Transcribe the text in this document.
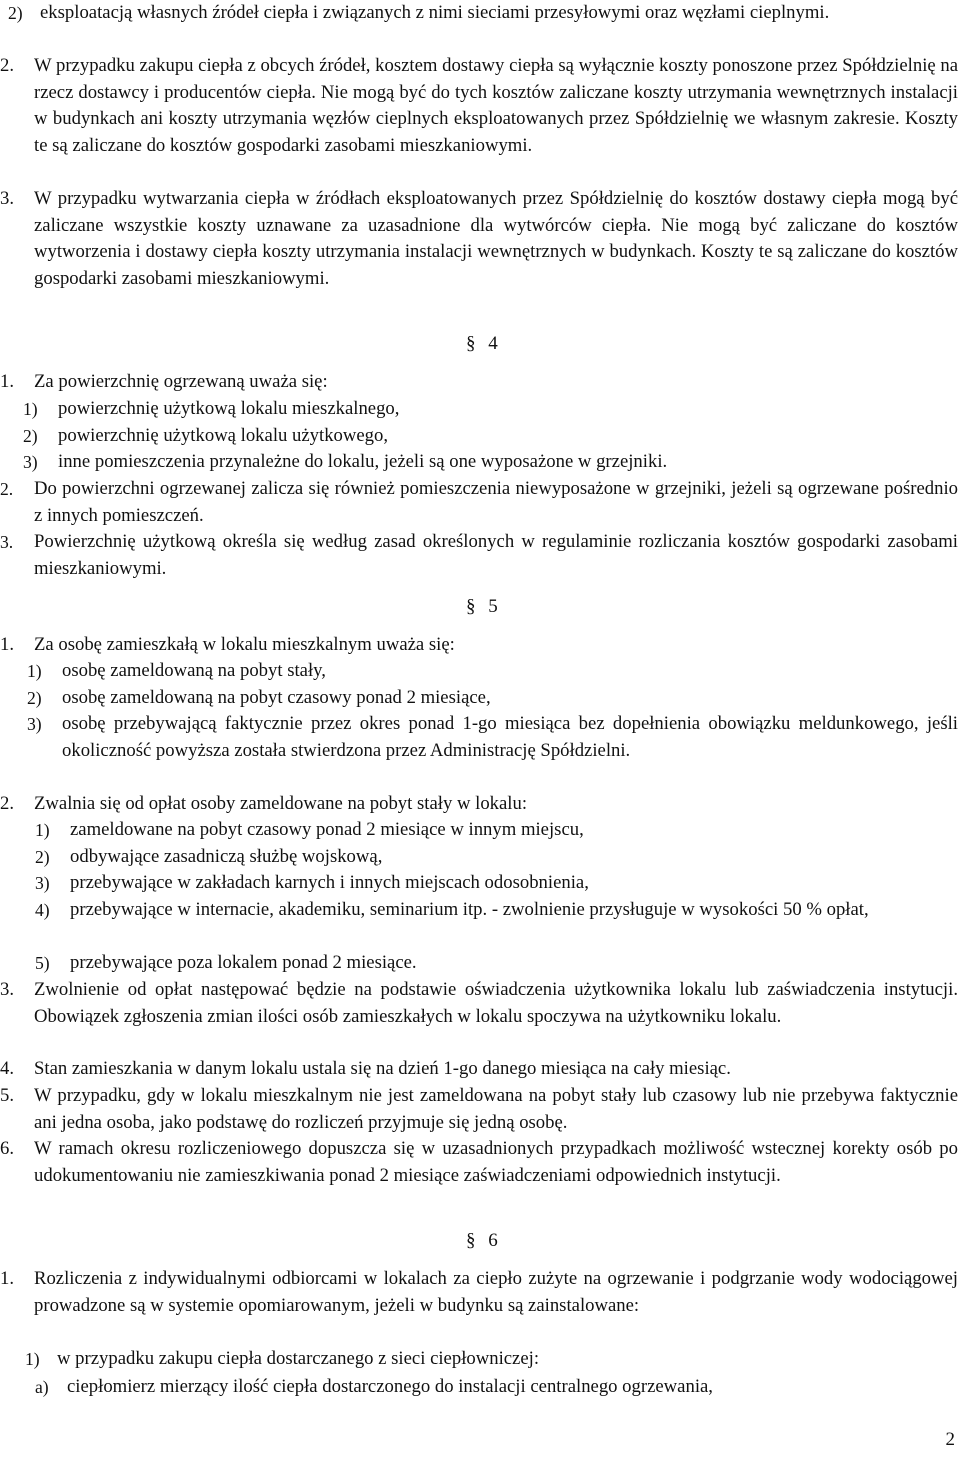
2) eksploatacją własnych źródeł ciepła i związanych z nimi sieciami przesyłowymi oraz węzłami cieplnymi.
2. W przypadku zakupu ciepła z obcych źródeł, kosztem dostawy ciepła są wyłącznie koszty ponoszone przez Spółdzielnię na rzecz dostawcy i producentów ciepła. Nie mogą być do tych kosztów zaliczane koszty utrzymania wewnętrznych instalacji w budynkach ani koszty utrzymania węzłów cieplnych eksploatowanych przez Spółdzielnię we własnym zakresie. Koszty te są zaliczane do kosztów gospodarki zasobami mieszkaniowymi.
3. W przypadku wytwarzania ciepła w źródłach eksploatowanych przez Spółdzielnię do kosztów dostawy ciepła mogą być zaliczane wszystkie koszty uznawane za uzasadnione dla wytwórców ciepła. Nie mogą być zaliczane do kosztów wytworzenia i dostawy ciepła koszty utrzymania instalacji wewnętrznych w budynkach. Koszty te są zaliczane do kosztów gospodarki zasobami mieszkaniowymi.
§ 4
1. Za powierzchnię ogrzewaną uważa się:
1) powierzchnię użytkową lokalu mieszkalnego,
2) powierzchnię użytkową lokalu użytkowego,
3) inne pomieszczenia przynależne do lokalu, jeżeli są one wyposażone w grzejniki.
2. Do powierzchni ogrzewanej zalicza się również pomieszczenia niewyposażone w grzejniki, jeżeli są ogrzewane pośrednio z innych pomieszczeń.
3. Powierzchnię użytkową określa się według zasad określonych w regulaminie rozliczania kosztów gospodarki zasobami mieszkaniowymi.
§ 5
1. Za osobę zamieszkałą w lokalu mieszkalnym uważa się:
1) osobę zameldowaną na pobyt stały,
2) osobę zameldowaną na pobyt czasowy ponad 2 miesiące,
3) osobę przebywającą faktycznie przez okres ponad 1-go miesiąca bez dopełnienia obowiązku meldunkowego, jeśli okoliczność powyższa została stwierdzona przez Administrację Spółdzielni.
2. Zwalnia się od opłat osoby zameldowane na pobyt stały w lokalu:
1) zameldowane na pobyt czasowy ponad 2 miesiące w innym miejscu,
2) odbywające zasadniczą służbę wojskową,
3) przebywające w zakładach karnych i innych miejscach odosobnienia,
4) przebywające w internacie, akademiku, seminarium itp. - zwolnienie przysługuje w wysokości 50 % opłat,
5) przebywające poza lokalem ponad 2 miesiące.
3. Zwolnienie od opłat następować będzie na podstawie oświadczenia użytkownika lokalu lub zaświadczenia instytucji. Obowiązek zgłoszenia zmian ilości osób zamieszkałych w lokalu spoczywa na użytkowniku lokalu.
4. Stan zamieszkania w danym lokalu ustala się na dzień 1-go danego miesiąca na cały miesiąc.
5. W przypadku, gdy w lokalu mieszkalnym nie jest zameldowana na pobyt stały lub czasowy lub nie przebywa faktycznie ani jedna osoba, jako podstawę do rozliczeń przyjmuje się jedną osobę.
6. W ramach okresu rozliczeniowego dopuszcza się w uzasadnionych przypadkach możliwość wstecznej korekty osób po udokumentowaniu nie zamieszkiwania ponad 2 miesiące zaświadczeniami odpowiednich instytucji.
§ 6
1. Rozliczenia z indywidualnymi odbiorcami w lokalach za ciepło zużyte na ogrzewanie i podgrzanie wody wodociągowej prowadzone są w systemie opomiarowanym, jeżeli w budynku są zainstalowane:
1) w przypadku zakupu ciepła dostarczanego z sieci ciepłowniczej:
a) ciepłomierz mierzący ilość ciepła dostarczonego do instalacji centralnego ogrzewania,
2
